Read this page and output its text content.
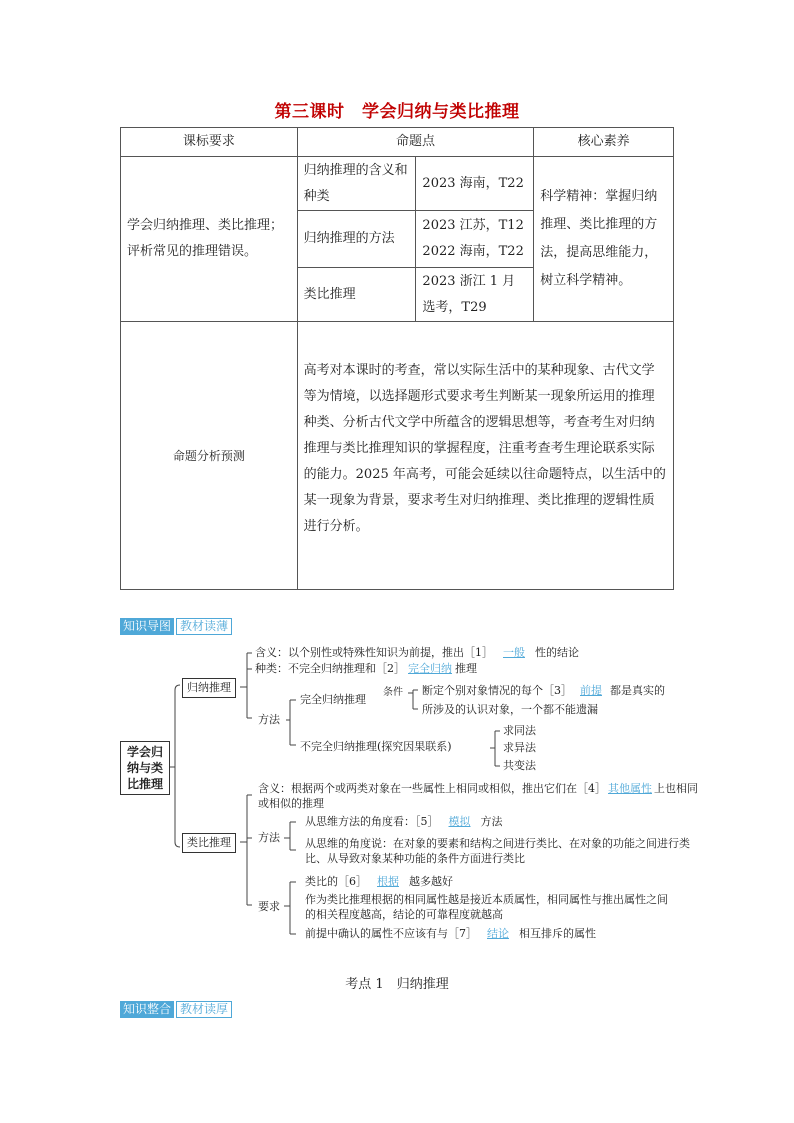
第三课时　学会归纳与类比推理
课标要求	命题点		核心素养
学会归纳推理、类比推理；评析常见的推理错误。	归纳推理的含义和种类	2023 海南，T22	科学精神：掌握归纳推理、类比推理的方法，提高思维能力，树立科学精神。
	归纳推理的方法	2023 江苏，T12 2022 海南，T22	
	类比推理	2023 浙江 1 月选考，T29	
命题分析预测	高考对本课时的考查，常以实际生活中的某种现象、古代文学等为情境，以选择题形式要求考生判断某一现象所运用的推理种类、分析古代文学中所蕴含的逻辑思想等，考查考生对归纳推理与类比推理知识的掌握程度，注重考查考生理论联系实际的能力。2025 年高考，可能会延续以往命题特点，以生活中的某一现象为背景，要求考生对归纳推理、类比推理的逻辑性质进行分析。		
知识导图 教材读薄
学会归纳与类比推理
归纳推理
含义：以个别性或特殊性知识为前提，推出［1］ 一般 性的结论
种类：不完全归纳推理和［2］ 完全归纳 推理
方法
完全归纳推理
条件 断定个别对象情况的每个［3］ 前提 都是真实的
所涉及的认识对象，一个都不能遗漏
不完全归纳推理(探究因果联系)
求同法
求异法
共变法
类比推理
含义：根据两个或两类对象在一些属性上相同或相似，推出它们在［4］ 其他属性 上也相同或相似的推理
方法
从思维方法的角度看：［5］ 模拟 方法
从思维的角度说：在对象的要素和结构之间进行类比、在对象的功能之间进行类比、从导致对象某种功能的条件方面进行类比
要求
类比的［6］ 根据 越多越好
作为类比推理根据的相同属性越是接近本质属性，相同属性与推出属性之间的相关程度越高，结论的可靠程度就越高
前提中确认的属性不应该有与［7］ 结论 相互排斥的属性
考点 1　归纳推理
知识整合 教材读厚
